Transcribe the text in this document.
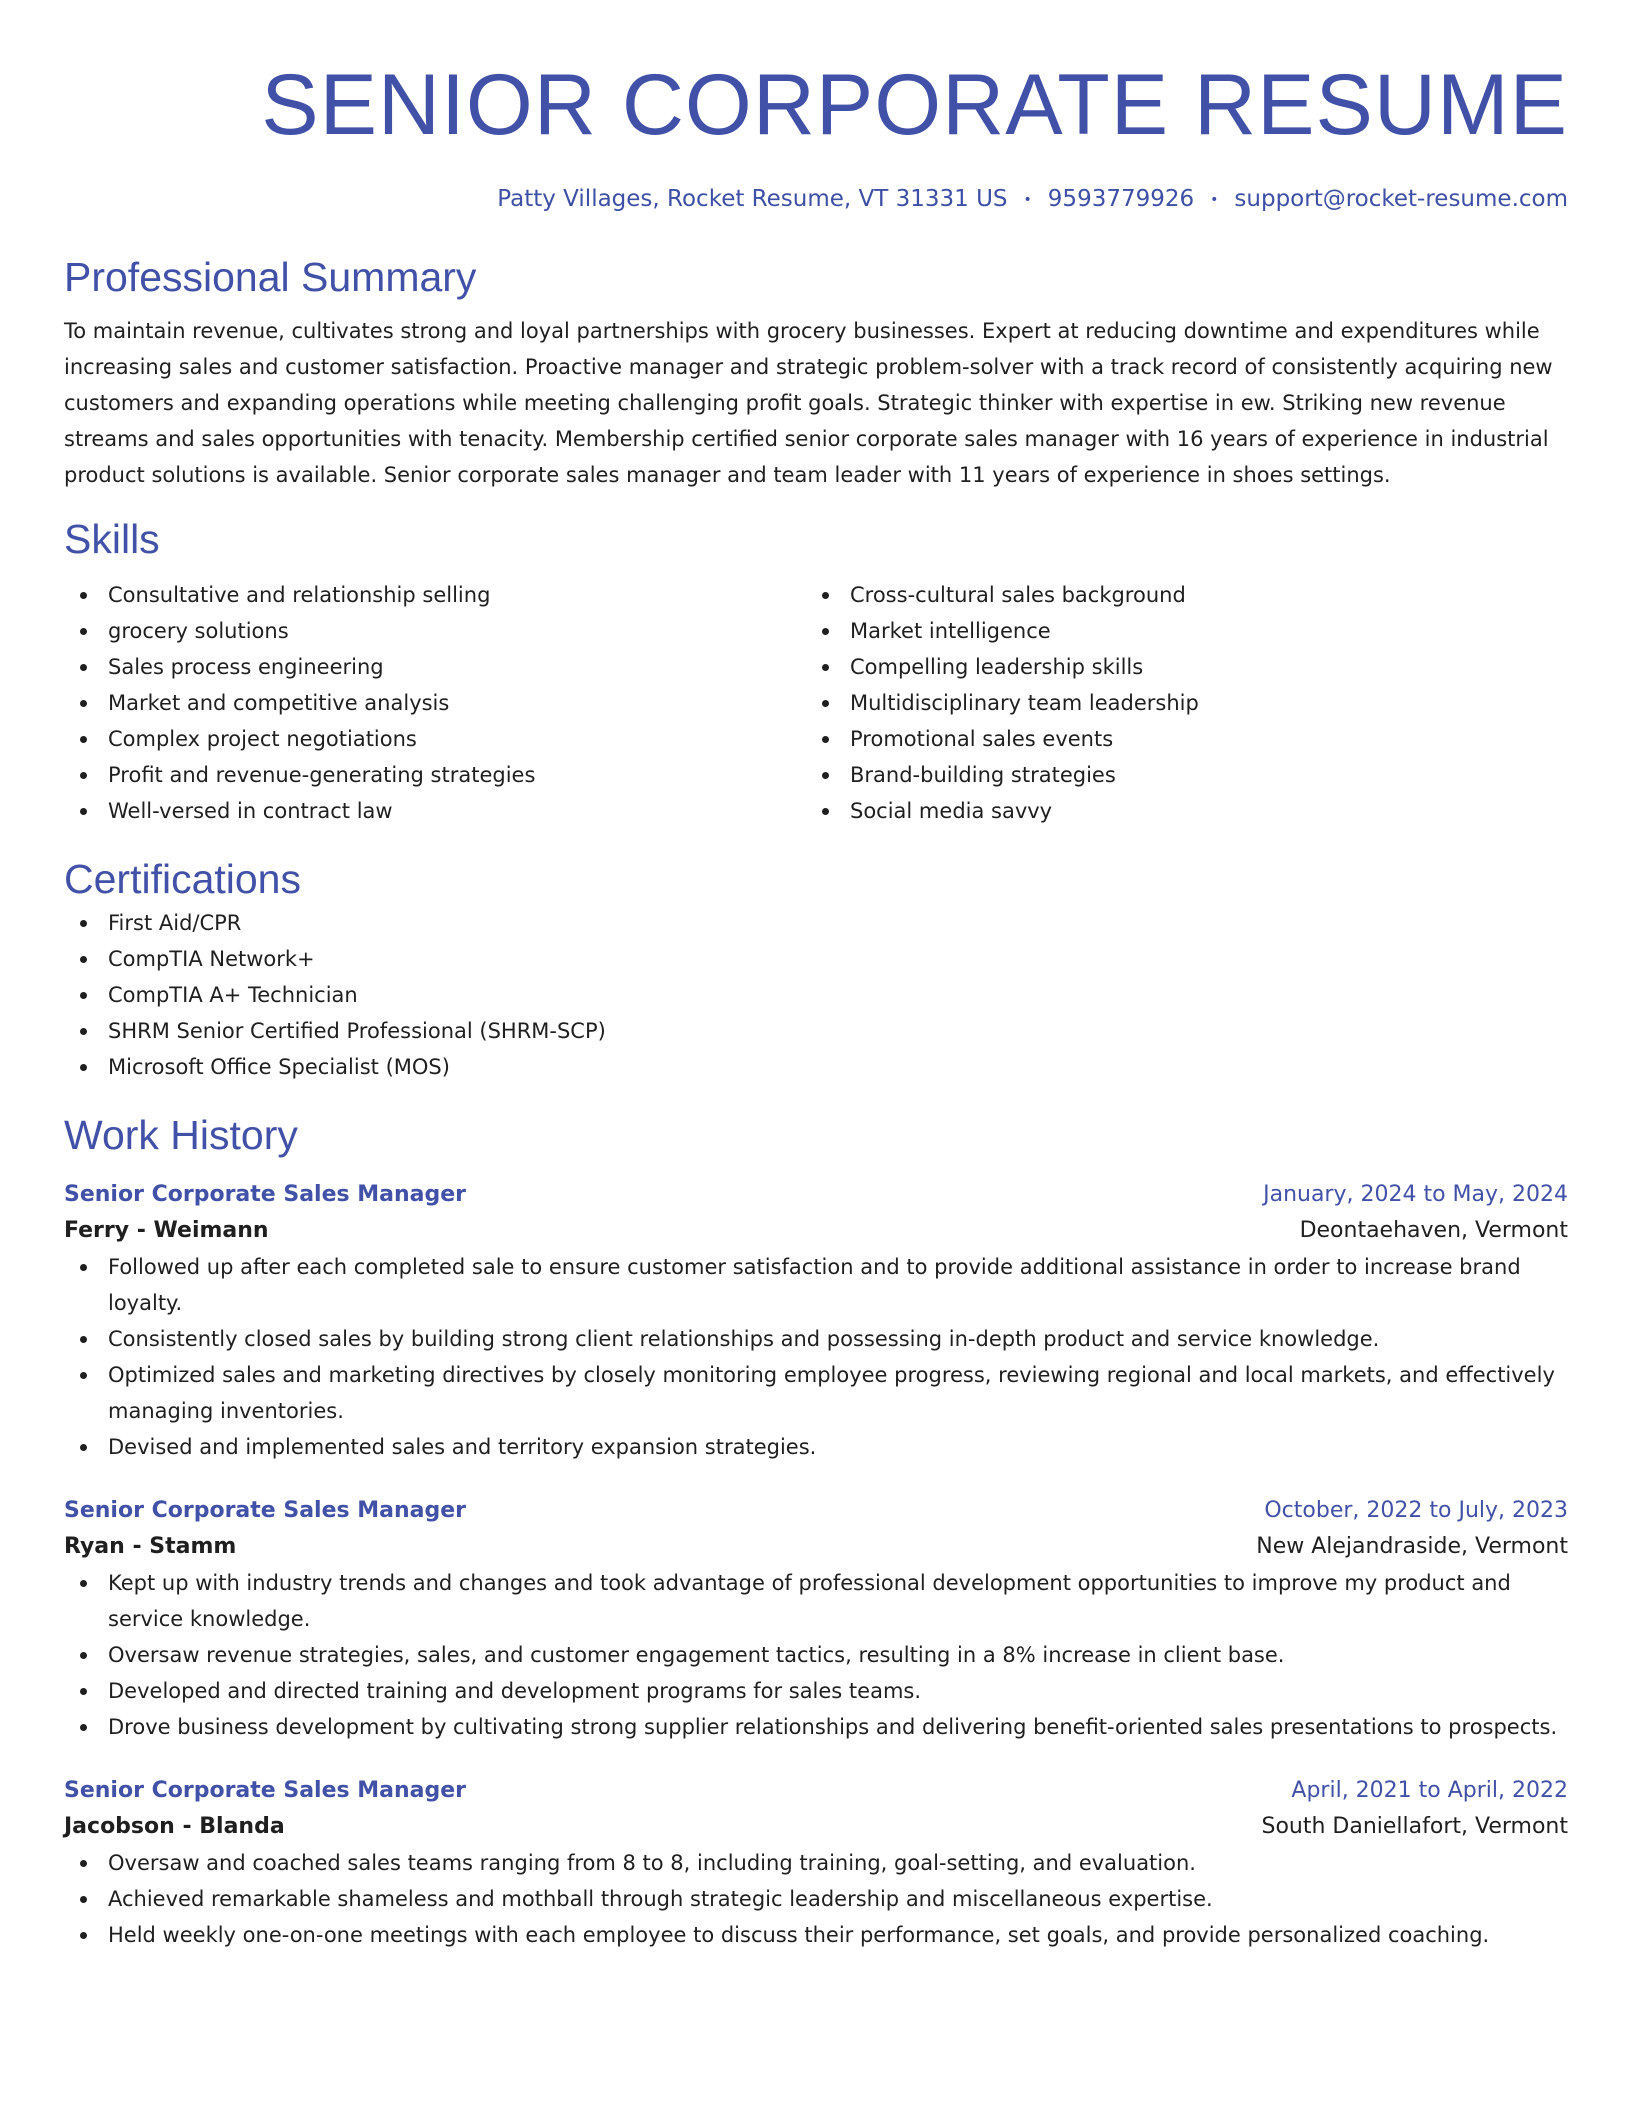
SENIOR CORPORATE RESUME
Patty Villages, Rocket Resume, VT 31331 US • 9593779926 • support@rocket-resume.com
Professional Summary
To maintain revenue, cultivates strong and loyal partnerships with grocery businesses. Expert at reducing downtime and expenditures while increasing sales and customer satisfaction. Proactive manager and strategic problem-solver with a track record of consistently acquiring new customers and expanding operations while meeting challenging profit goals. Strategic thinker with expertise in ew. Striking new revenue streams and sales opportunities with tenacity. Membership certified senior corporate sales manager with 16 years of experience in industrial product solutions is available. Senior corporate sales manager and team leader with 11 years of experience in shoes settings.
Skills
Consultative and relationship selling
grocery solutions
Sales process engineering
Market and competitive analysis
Complex project negotiations
Profit and revenue-generating strategies
Well-versed in contract law
Cross-cultural sales background
Market intelligence
Compelling leadership skills
Multidisciplinary team leadership
Promotional sales events
Brand-building strategies
Social media savvy
Certifications
First Aid/CPR
CompTIA Network+
CompTIA A+ Technician
SHRM Senior Certified Professional (SHRM-SCP)
Microsoft Office Specialist (MOS)
Work History
Senior Corporate Sales Manager	January, 2024 to May, 2024
Ferry - Weimann	Deontaehaven, Vermont
Followed up after each completed sale to ensure customer satisfaction and to provide additional assistance in order to increase brand loyalty.
Consistently closed sales by building strong client relationships and possessing in-depth product and service knowledge.
Optimized sales and marketing directives by closely monitoring employee progress, reviewing regional and local markets, and effectively managing inventories.
Devised and implemented sales and territory expansion strategies.
Senior Corporate Sales Manager	October, 2022 to July, 2023
Ryan - Stamm	New Alejandraside, Vermont
Kept up with industry trends and changes and took advantage of professional development opportunities to improve my product and service knowledge.
Oversaw revenue strategies, sales, and customer engagement tactics, resulting in a 8% increase in client base.
Developed and directed training and development programs for sales teams.
Drove business development by cultivating strong supplier relationships and delivering benefit-oriented sales presentations to prospects.
Senior Corporate Sales Manager	April, 2021 to April, 2022
Jacobson - Blanda	South Daniellafort, Vermont
Oversaw and coached sales teams ranging from 8 to 8, including training, goal-setting, and evaluation.
Achieved remarkable shameless and mothball through strategic leadership and miscellaneous expertise.
Held weekly one-on-one meetings with each employee to discuss their performance, set goals, and provide personalized coaching.
